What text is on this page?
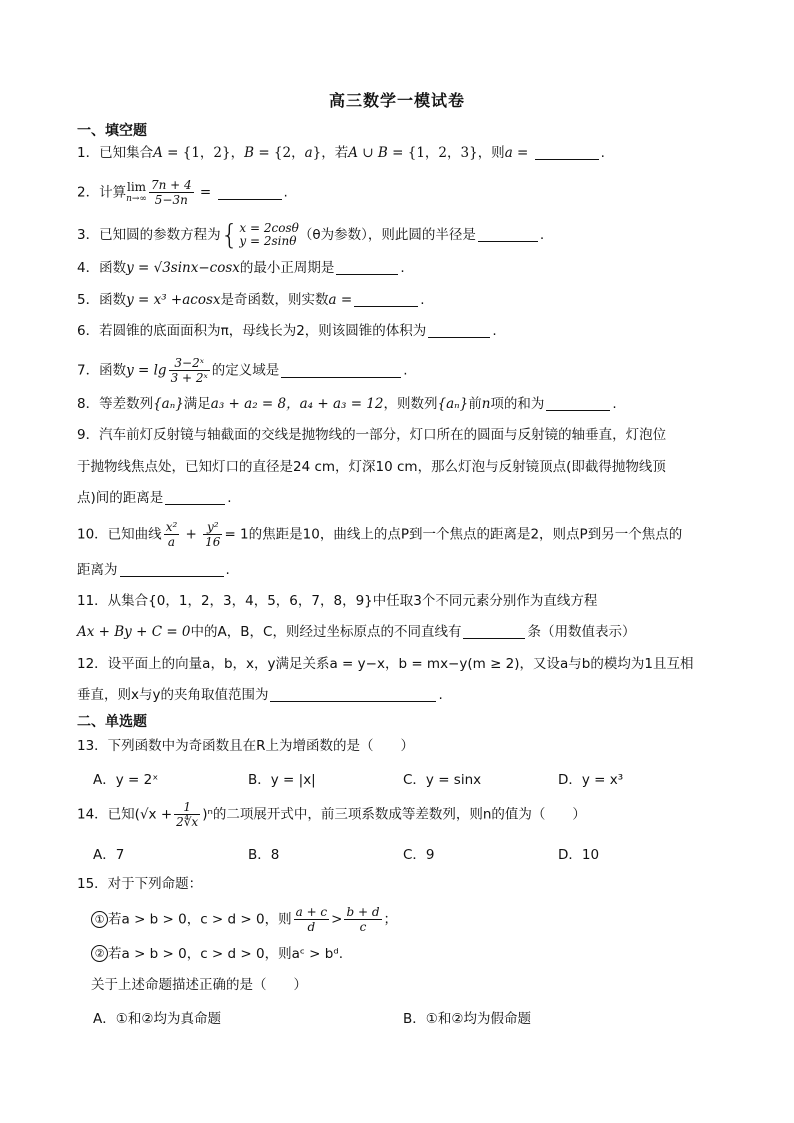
高三数学一模试卷
一、填空题
1．已知集合A = {1，2}，B = {2，a}，若A ∪ B = {1，2，3}，则a =	.
2．计算lim
$n\to\infty \frac{7n + 4}{5-3n}$ =	.
3．已知圆的参数方程为{ x = 2cosθ
y = 2sinθ （θ为参数），则此圆的半径是	.
4．函数y = √3sinx−cosx的最小正周期是	.
5．函数y = x³ +acosx是奇函数，则实数a =	.
6．若圆锥的底面面积为π，母线长为2，则该圆锥的体积为	.
7．函数$y = \lg \frac{\text{3−2ˣ}}{\text{3 + 2ˣ}}$ 的定义域是	.
8．等差数列{aₙ}满足a₃ + a₂ = 8，a₄ + a₃ = 12，则数列{aₙ}前n项的和为	.
9．汽车前灯反射镜与轴截面的交线是抛物线的一部分，灯口所在的圆面与反射镜的轴垂直，灯泡位
于抛物线焦点处，已知灯口的直径是24 cm，灯深10 cm，那么灯泡与反射镜顶点(即截得抛物线顶
点)间的距离是	.
10．已知曲线 $\frac{\text{x²}}{a} + \frac{\text{y²}}{16} = 1$的焦距是10，曲线上的点P到一个焦点的距离是2，则点P到另一个焦点的
距离为	.
11．从集合{0，1，2，3，4，5，6，7，8，9}中任取3个不同元素分别作为直线方程
Ax + By + C = 0中的A，B，C，则经过坐标原点的不同直线有	条（用数值表示）
12．设平面上的向量a，b，x，y满足关系a = y−x，b = mx−y(m ≥ 2)，又设a与b的模均为1且互相
垂直，则x与y的夹角取值范围为	.
二、单选题
13．下列函数中为奇函数且在R上为增函数的是（　　）
A．y = 2ˣ	B．y = |x|	C．y = sinx	D．y = x³
14．已知$(√x + \frac{1}{2∜x} )^n$的二项展开式中，前三项系数成等差数列，则n的值为（　　）
A．7	B．8	C．9	D．10
15．对于下列命题：
① 若a > b > 0，c > d > 0，则 $\frac{a + c}{d} > \frac{b + d}{c}$ ；
② 若a > b > 0，c > d > 0，则aᶜ > bᵈ.
关于上述命题描述正确的是（　　）
A．①和②均为真命题	B．①和②均为假命题
